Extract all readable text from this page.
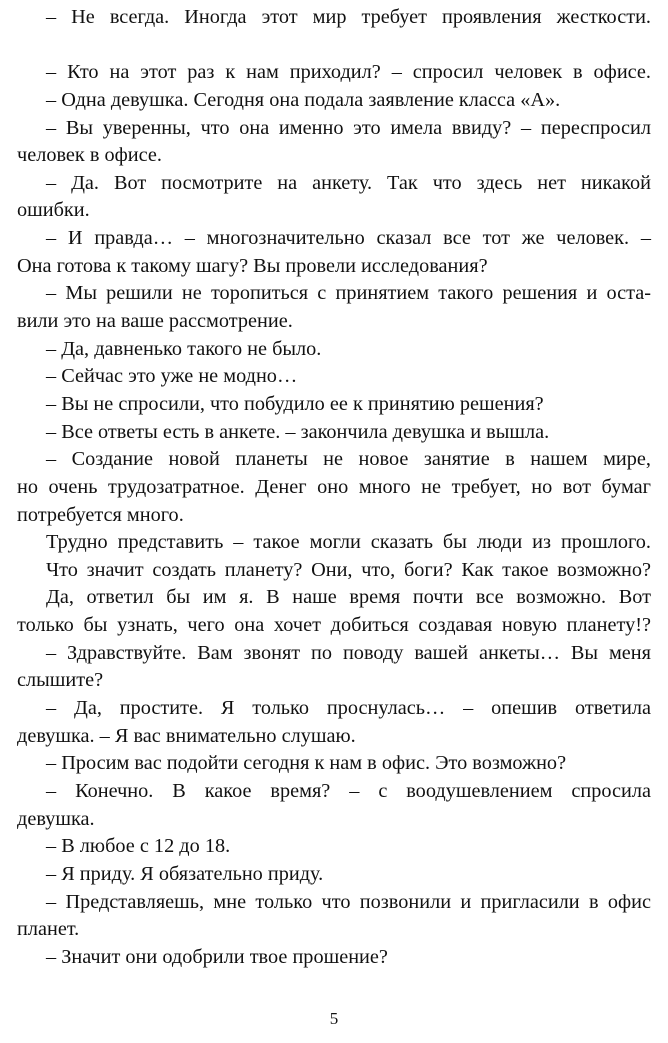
– Не всегда. Иногда этот мир требует проявления жесткости.
– Кто на этот раз к нам приходил? – спросил человек в офисе.
– Одна девушка. Сегодня она подала заявление класса «А».
– Вы уверенны, что она именно это имела ввиду? – переспросил
человек в офисе.
– Да. Вот посмотрите на анкету. Так что здесь нет никакой
ошибки.
– И правда… – многозначительно сказал все тот же человек. –
Она готова к такому шагу? Вы провели исследования?
– Мы решили не торопиться с принятием такого решения и оста-
вили это на ваше рассмотрение.
– Да, давненько такого не было.
– Сейчас это уже не модно…
– Вы не спросили, что побудило ее к принятию решения?
– Все ответы есть в анкете. – закончила девушка и вышла.
– Создание новой планеты не новое занятие в нашем мире,
но очень трудозатратное. Денег оно много не требует, но вот бумаг
потребуется много.
Трудно представить – такое могли сказать бы люди из прошлого.
Что значит создать планету? Они, что, боги? Как такое возможно?
Да, ответил бы им я. В наше время почти все возможно. Вот
только бы узнать, чего она хочет добиться создавая новую планету!?
– Здравствуйте. Вам звонят по поводу вашей анкеты… Вы меня
слышите?
– Да, простите. Я только проснулась… – опешив ответила
девушка. – Я вас внимательно слушаю.
– Просим вас подойти сегодня к нам в офис. Это возможно?
– Конечно. В какое время? – с воодушевлением спросила
девушка.
– В любое с 12 до 18.
– Я приду. Я обязательно приду.
– Представляешь, мне только что позвонили и пригласили в офис
планет.
– Значит они одобрили твое прошение?
5
